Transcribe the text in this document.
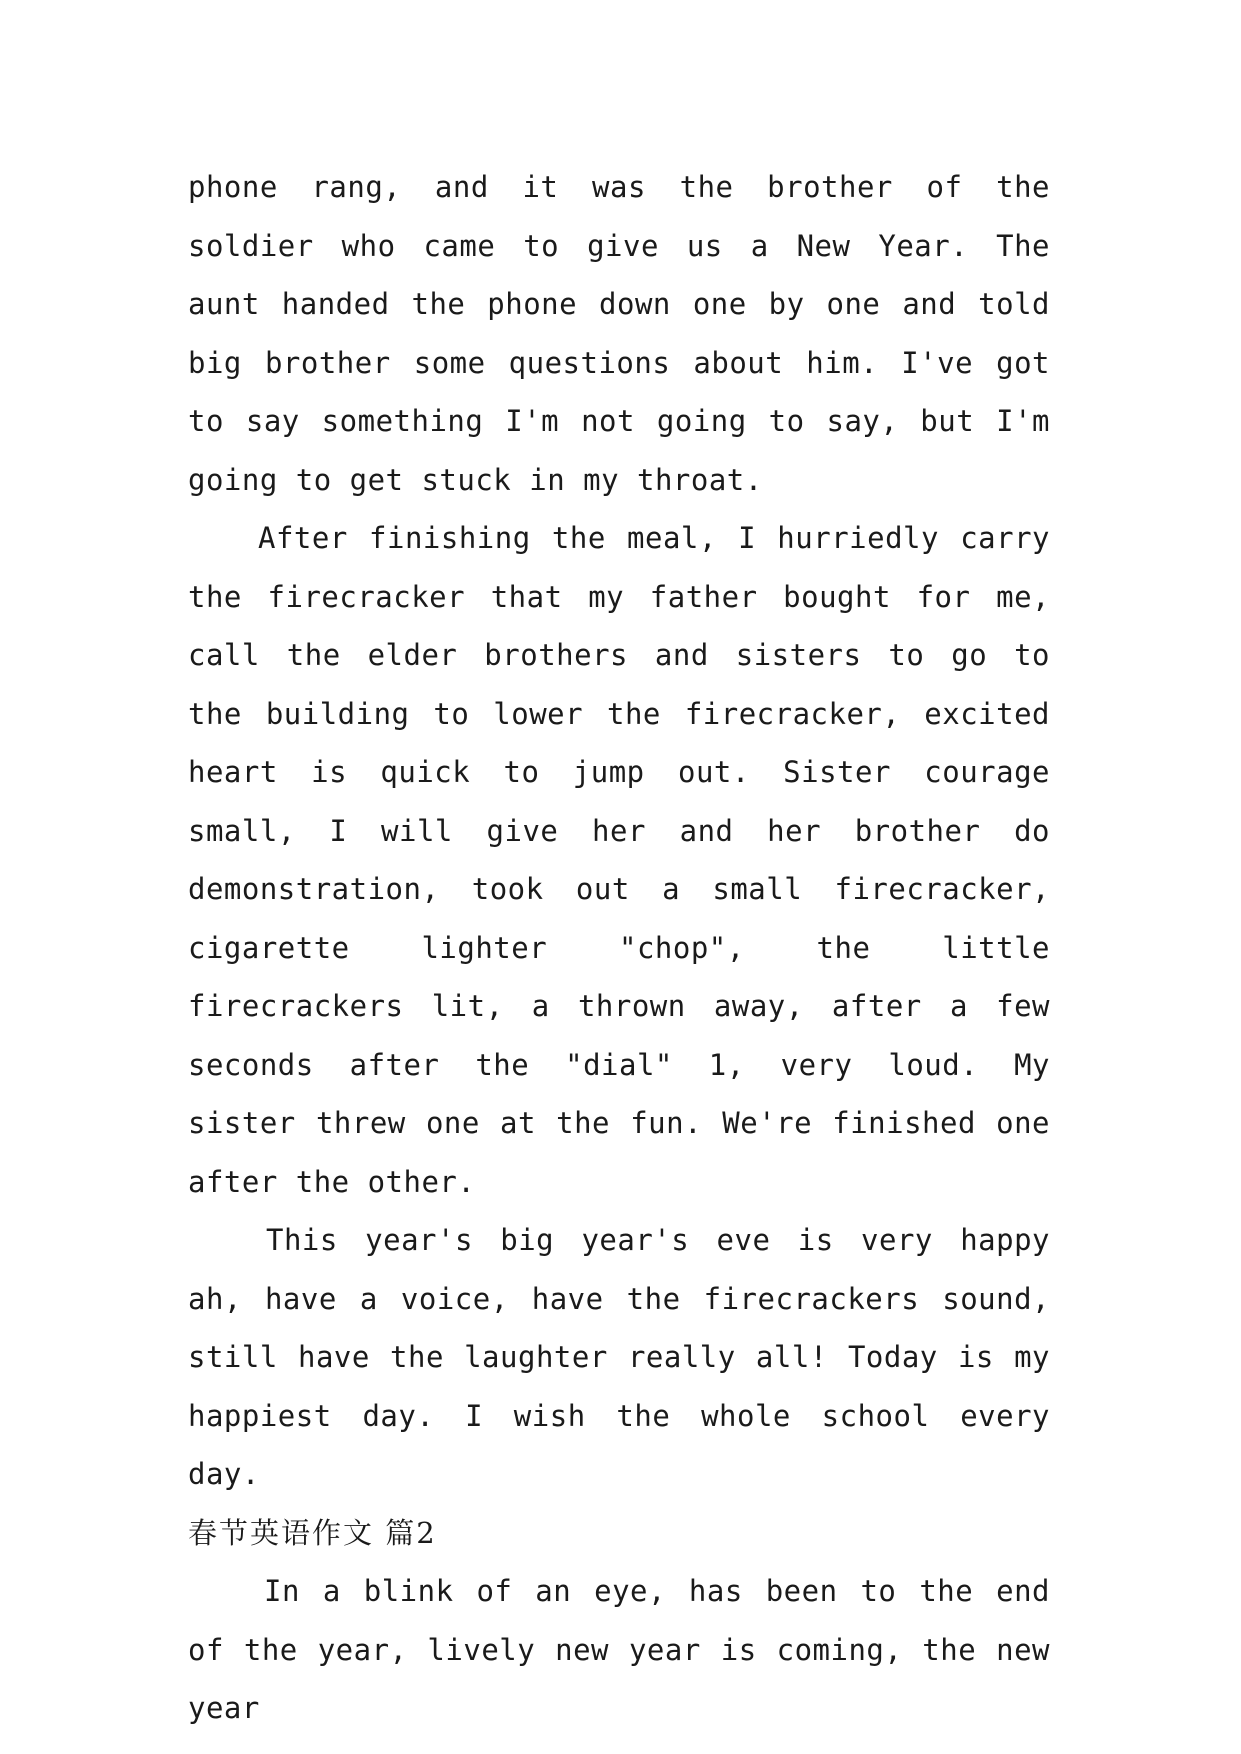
phone rang, and it was the brother of the soldier who came to give us a New Year. The aunt handed the phone down one by one and told big brother some questions about him. I've got to say something I'm not going to say, but I'm going to get stuck in my throat.

After finishing the meal, I hurriedly carry the firecracker that my father bought for me, call the elder brothers and sisters to go to the building to lower the firecracker, excited heart is quick to jump out. Sister courage small, I will give her and her brother do demonstration, took out a small firecracker, cigarette lighter "chop", the little firecrackers lit, a thrown away, after a few seconds after the "dial" 1, very loud. My sister threw one at the fun. We're finished one after the other.

This year's big year's eve is very happy ah, have a voice, have the firecrackers sound, still have the laughter really all! Today is my happiest day. I wish the whole school every day.

春节英语作文 篇2

In a blink of an eye, has been to the end of the year, lively new year is coming, the new year
